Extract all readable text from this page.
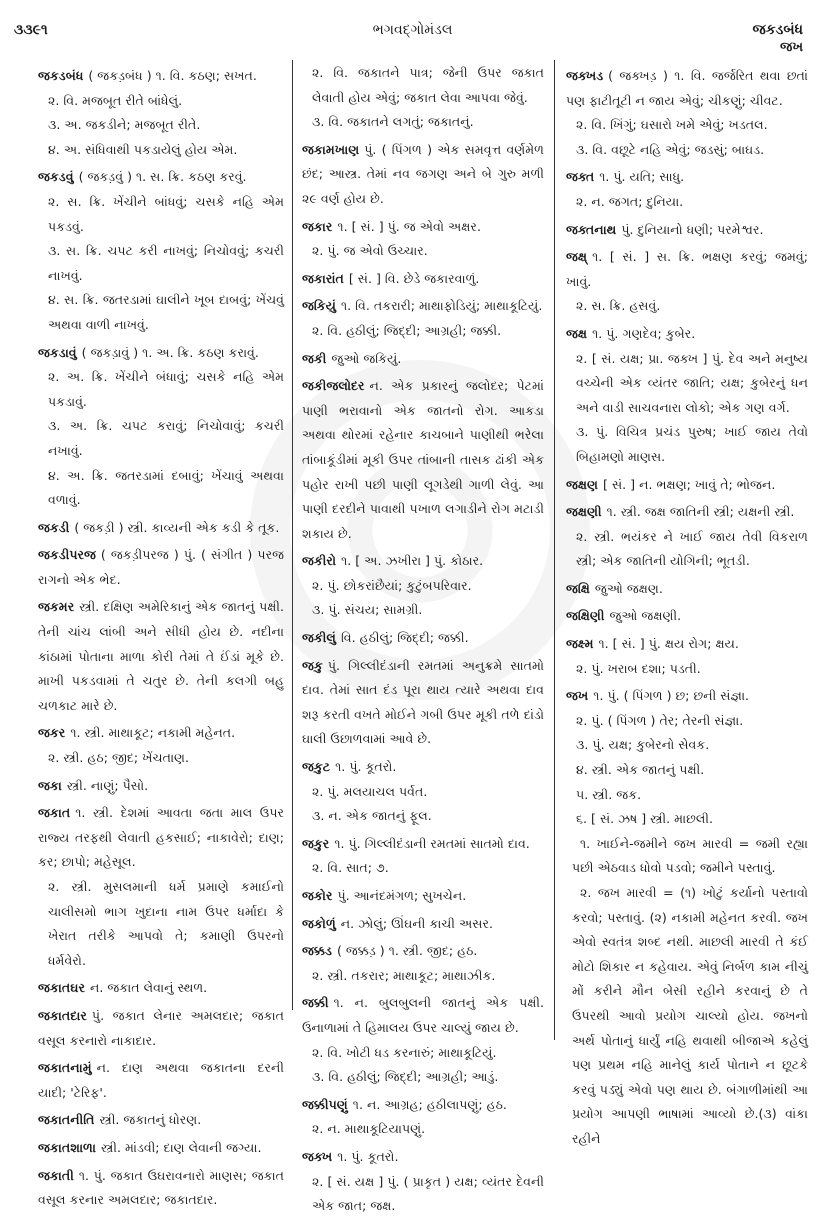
૩૩૯૧	ભગવદ્ગોમંડલ	જકડબંધ
જખ

જકડબંધ ( જકડ઼બંધ ) ૧. વિ. કઠણ; સખત.

૨. વિ. મજબૂત રીતે બાંધેલું.

૩. અ. જકડીને; મજબૂત રીતે.

૪. અ. સંધિવાથી પકડાયેલું હોય એમ.

જકડવું ( જકડ઼વું ) ૧. સ. ક્રિ. કઠણ કરવું.

૨. સ. ક્રિ. ખેંચીને બાંધવું; ચસકે નહિ એમ પકડવું.

૩. સ. ક્રિ. ચપટ કરી નાખવું; નિચોવવું; કચરી નાખવું.

૪. સ. ક્રિ. જતરડામાં ઘાલીને ખૂબ દાબવું; ખેંચવું અથવા વાળી નાખવું.

જકડાવું ( જકડ઼ાવું ) ૧. અ. ક્રિ. કઠણ કરાવું.

૨. અ. ક્રિ. ખેંચીને બંધાવું; ચસકે નહિ એમ પકડાવું.

૩. અ. ક્રિ. ચપટ કરાવું; નિચોવાવું; કચરી નખાવું.

૪. અ. ક્રિ. જતરડામાં દબાવું; ખેંચાવું અથવા વળાવું.

જકડી ( જકડ઼ી ) સ્ત્રી. કાવ્યની એક કડી કે તૂક.

જકડીપરજ ( જકડ઼ીપરજ ) પું. ( સંગીત ) પરજ રાગનો એક ભેદ.

જકમર સ્ત્રી. દક્ષિણ અમેરિકાનું એક જાતનું પક્ષી. તેની ચાંચ લાંબી અને સીધી હોય છે. નદીના કાંઠામાં પોતાના માળા કોરી તેમાં તે ઈંડાં મૂકે છે. માખી પકડવામાં તે ચતુર છે. તેની કલગી બહુ ચળકાટ મારે છે.

જકર ૧. સ્ત્રી. માથાકૂટ; નકામી મહેનત.

૨. સ્ત્રી. હઠ; જીદ; ખેંચતાણ.

જકા સ્ત્રી. નાણું; પૈસો.

જકાત ૧. સ્ત્રી. દેશમાં આવતા જતા માલ ઉપર રાજ્ય તરફથી લેવાતી હકસાઈ; નાકાવેરો; દાણ; કર; છાપો; મહેસૂલ.

૨. સ્ત્રી. મુસલમાની ધર્મ પ્રમાણે કમાઈનો ચાલીસમો ભાગ ખુદાના નામ ઉપર ધર્માદા કે ખેરાત તરીકે આપવો તે; કમાણી ઉપરનો ધર્મવેરો.

જકાતઘર ન. જકાત લેવાનું સ્થળ.

જકાતદાર પું. જકાત લેનાર અમલદાર; જકાત વસૂલ કરનારો નાકાદાર.

જકાતનામું ન. દાણ અથવા જકાતના દરની યાદી; 'ટેરિફ'.

જકાતનીતિ સ્ત્રી. જકાતનું ધોરણ.

જકાતશાળા સ્ત્રી. માંડવી; દાણ લેવાની જગ્યા.

જકાતી ૧. પું. જકાત ઉઘરાવનારો માણસ; જકાત વસૂલ કરનાર અમલદાર; જકાતદાર.

૨. વિ. જકાતને પાત્ર; જેની ઉપર જકાત લેવાતી હોય એવું; જકાત લેવા આપવા જેવું.

૩. વિ. જકાતને લગતું; જકાતનું.

જકામખાણ પું. ( પિંગળ ) એક સમવૃત્ત વર્ણમેળ છંદ; આસ્ત્ર. તેમાં નવ જગણ અને બે ગુરુ મળી ૨૯ વર્ણ હોય છે.

જકાર ૧. [ સં. ] પું. જ એવો અક્ષર.

૨. પું. જ એવો ઉચ્ચાર.

જકારાંત [ સં. ] વિ. છેડે જકારવાળું.

જકિયું ૧. વિ. તકરારી; માથાફોડિયું; માથાકૂટિયું.

૨. વિ. હઠીલું; જિદ્દી; આગ્રહી; જક્કી.

જકી જુઓ જકિયું.

જકીજલોદર ન. એક પ્રકારનું જલોદર; પેટમાં પાણી ભરાવાનો એક જાતનો રોગ. આકડા અથવા થોરમાં રહેનાર કાચબાને પાણીથી ભરેલા તાંબાકૂંડીમાં મૂકી ઉપર તાંબાની તાસક ઢાંકી એક પહોર રાખી પછી પાણી લૂગડેથી ગાળી લેવું. આ પાણી દરદીને પાવાથી પખાળ લગાડીને રોગ મટાડી શકાય છે.

જકીરો ૧. [ અ. ઝખીરા ] પું. કોઠાર.

૨. પું. છોકરાંછૈયાં; કુટુંબપરિવાર.

૩. પું. સંચય; સામગ્રી.

જકીલું વિ. હઠીલું; જિદ્દી; જક્કી.

જકુ પું. ગિલ્લીદંડાની રમતમાં અનુક્રમે સાતમો દાવ. તેમાં સાત દંડ પૂરા થાય ત્યારે અથવા દાવ શરૂ કરતી વખતે મોઈને ગબી ઉપર મૂકી તળે દાંડો ઘાલી ઉછાળવામાં આવે છે.

જકુટ ૧. પું. કૂતરો.

૨. પું. મલયાચલ પર્વત.

૩. ન. એક જાતનું ફૂલ.

જકુર ૧. પું. ગિલ્લીદંડાની રમતમાં સાતમો દાવ.

૨. વિ. સાત; ૭.

જકોર પું. આનંદમંગળ; સુખચેન.

જકોળું ન. ઝોલું; ઊંઘની કાચી અસર.

જક્કડ ( જક્કડ઼ ) ૧. સ્ત્રી. જીદ; હઠ.

૨. સ્ત્રી. તકરાર; માથાકૂટ; માથાઝીક.

જક્કી ૧. ન. બુલબુલની જાતનું એક પક્ષી. ઉનાળામાં તે હિમાલય ઉપર ચાલ્યું જાય છે.

૨. વિ. ખોટી ધડ કરનારું; માથાકૂટિયું.

૩. વિ. હઠીલું; જિદ્દી; આગ્રહી; આડું.

જક્કીપણું ૧. ન. આગ્રહ; હઠીલાપણું; હઠ.

૨. ન. માથાકૂટિયાપણું.

જક્ખ ૧. પું. કૂતરો.

૨. [ સં. યક્ષ ] પું. ( પ્રાકૃત ) યક્ષ; વ્યંતર દેવની એક જાત; જક્ષ.

જક્ખડ ( જક્ખડ઼ ) ૧. વિ. જર્જરિત થવા છતાં પણ ફાટીતૂટી ન જાય એવું; ચીકણું; ચીવટ.

૨. વિ. ખિંગું; ઘસારો ખમે એવું; ખડતલ.

૩. વિ. વછૂટે નહિ એવું; જડસું; બાઘડ.

જક્ત ૧. પું. યતિ; સાધુ.

૨. ન. જગત; દુનિયા.

જક્તનાથ પું. દુનિયાનો ધણી; પરમેશ્વર.

જક્ષ્ ૧. [ સં. ] સ. ક્રિ. ભક્ષણ કરવું; જમવું; ખાવું.

૨. સ. ક્રિ. હસવું.

જક્ષ ૧. પું. ગણદેવ; કુબેર.

૨. [ સં. યક્ષ; પ્રા. જક્ખ ] પું. દેવ અને મનુષ્ય વચ્ચેની એક વ્યંતર જાતિ; યક્ષ; કુબેરનું ધન અને વાડી સાચવનારા લોકો; એક ગણ વર્ગ.

૩. પું. વિચિત્ર પ્રચંડ પુરુષ; ખાઈ જાય તેવો બિહામણો માણસ.

જક્ષણ [ સં. ] ન. ભક્ષણ; ખાવું તે; ભોજન.

જક્ષણી ૧. સ્ત્રી. જક્ષ જાતિની સ્ત્રી; યક્ષની સ્ત્રી.

૨. સ્ત્રી. ભયંકર ને ખાઈ જાય તેવી વિકરાળ સ્ત્રી; એક જાતિની યોગિની; ભૂતડી.

જક્ષિ જુઓ જક્ષણ.

જક્ષિણી જુઓ જક્ષણી.

જક્ષ્મ ૧. [ સં. ] પું. ક્ષય રોગ; ક્ષય.

૨. પું. ખરાબ દશા; પડતી.

જખ ૧. પું. ( પિંગળ ) છ; છની સંજ્ઞા.

૨. પું. ( પિંગળ ) તેર; તેરની સંજ્ઞા.

૩. પું. યક્ષ; કુબેરનો સેવક.

૪. સ્ત્રી. એક જાતનું પક્ષી.

૫. સ્ત્રી. જક.

૬. [ સં. ઝષ ] સ્ત્રી. માછલી.

૧. ખાઈને-જમીને જખ મારવી = જમી રહ્યા પછી એઠવાડ ધોવો પડવો; જમીને પસ્તાવું.

૨. જખ મારવી = (૧) ખોટું કર્યાનો પસ્તાવો કરવો; પસ્તાવું. (૨) નકામી મહેનત કરવી. જખ એવો સ્વતંત્ર શબ્દ નથી. માછલી મારવી તે કંઈ મોટો શિકાર ન કહેવાય. એવું નિર્બળ કામ નીચું મોં કરીને મૌન બેસી રહીને કરવાનું છે તે ઉપરથી આવો પ્રયોગ ચાલ્યો હોય. જખનો અર્થ પોતાનું ધાર્યું નહિ થવાથી બીજાએ કહેલું પણ પ્રથમ નહિ માનેલું કાર્ય પોતાને ન છૂટકે કરવું પડ્યું એવો પણ થાય છે. બંગાળીમાંથી આ પ્રયોગ આપણી ભાષામાં આવ્યો છે.(૩) વાંકા રહીને
